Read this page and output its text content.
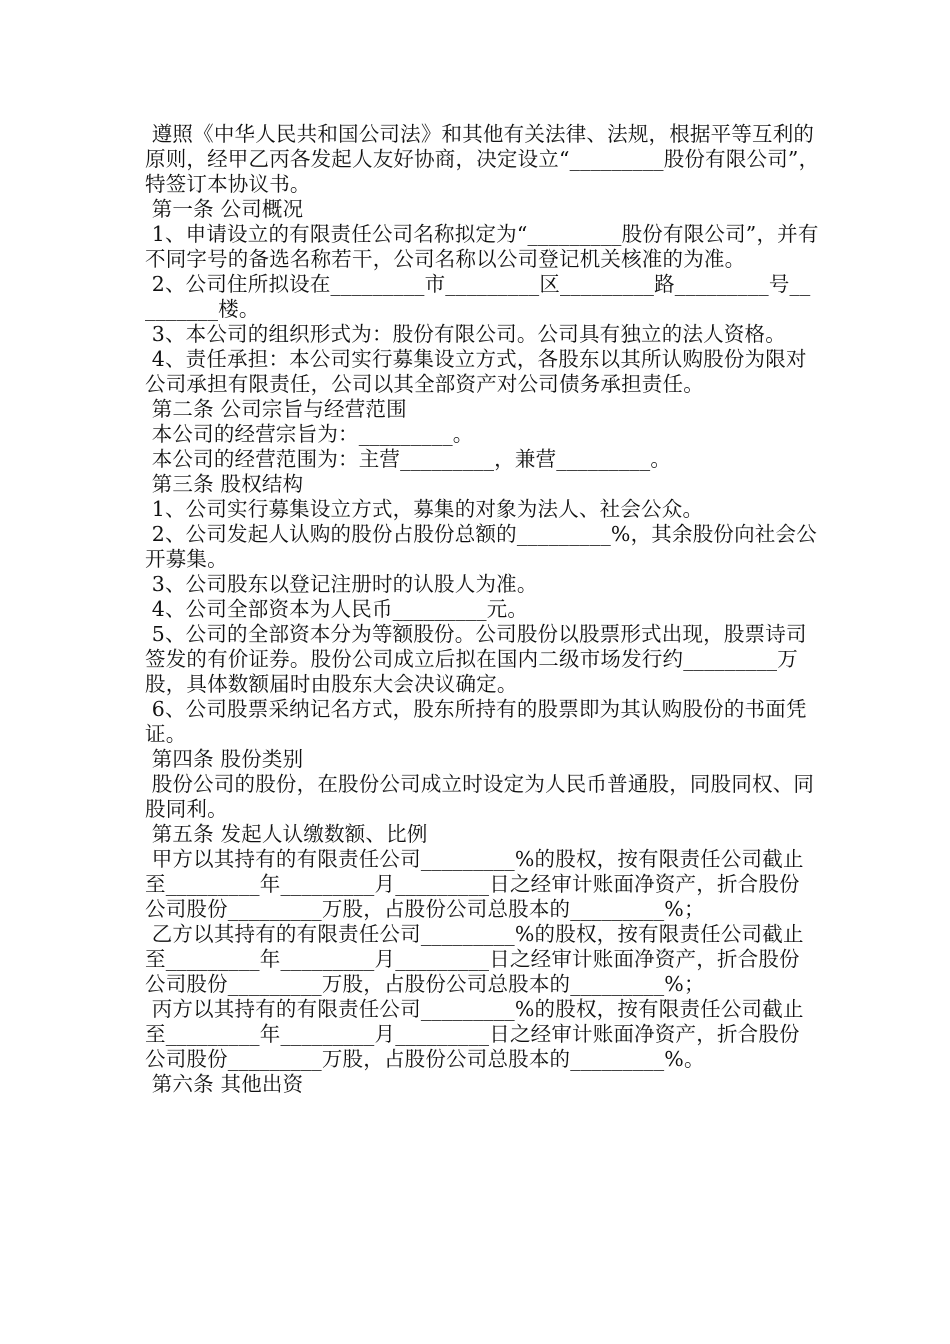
遵照《中华人民共和国公司法》和其他有关法律、法规，根据平等互利的原则，经甲乙丙各发起人友好协商，决定设立“_________股份有限公司”，特签订本协议书。

第一条 公司概况

1、申请设立的有限责任公司名称拟定为“_________股份有限公司”，并有不同字号的备选名称若干，公司名称以公司登记机关核准的为准。

2、公司住所拟设在_________市_________区_________路_________号_________楼。

3、本公司的组织形式为：股份有限公司。公司具有独立的法人资格。

4、责任承担：本公司实行募集设立方式，各股东以其所认购股份为限对公司承担有限责任，公司以其全部资产对公司债务承担责任。

第二条 公司宗旨与经营范围

本公司的经营宗旨为：_________。

本公司的经营范围为：主营_________，兼营_________。

第三条 股权结构

1、公司实行募集设立方式，募集的对象为法人、社会公众。

2、公司发起人认购的股份占股份总额的_________%，其余股份向社会公开募集。

3、公司股东以登记注册时的认股人为准。

4、公司全部资本为人民币_________元。

5、公司的全部资本分为等额股份。公司股份以股票形式出现，股票诗司签发的有价证券。股份公司成立后拟在国内二级市场发行约_________万股，具体数额届时由股东大会决议确定。

6、公司股票采纳记名方式，股东所持有的股票即为其认购股份的书面凭证。

第四条 股份类别

股份公司的股份，在股份公司成立时设定为人民币普通股，同股同权、同股同利。

第五条 发起人认缴数额、比例

甲方以其持有的有限责任公司_________%的股权，按有限责任公司截止至_________年_________月_________日之经审计账面净资产，折合股份公司股份_________万股，占股份公司总股本的_________%；

乙方以其持有的有限责任公司_________%的股权，按有限责任公司截止至_________年_________月_________日之经审计账面净资产，折合股份公司股份_________万股，占股份公司总股本的_________%；

丙方以其持有的有限责任公司_________%的股权，按有限责任公司截止至_________年_________月_________日之经审计账面净资产，折合股份公司股份_________万股，占股份公司总股本的_________%。

第六条 其他出资
